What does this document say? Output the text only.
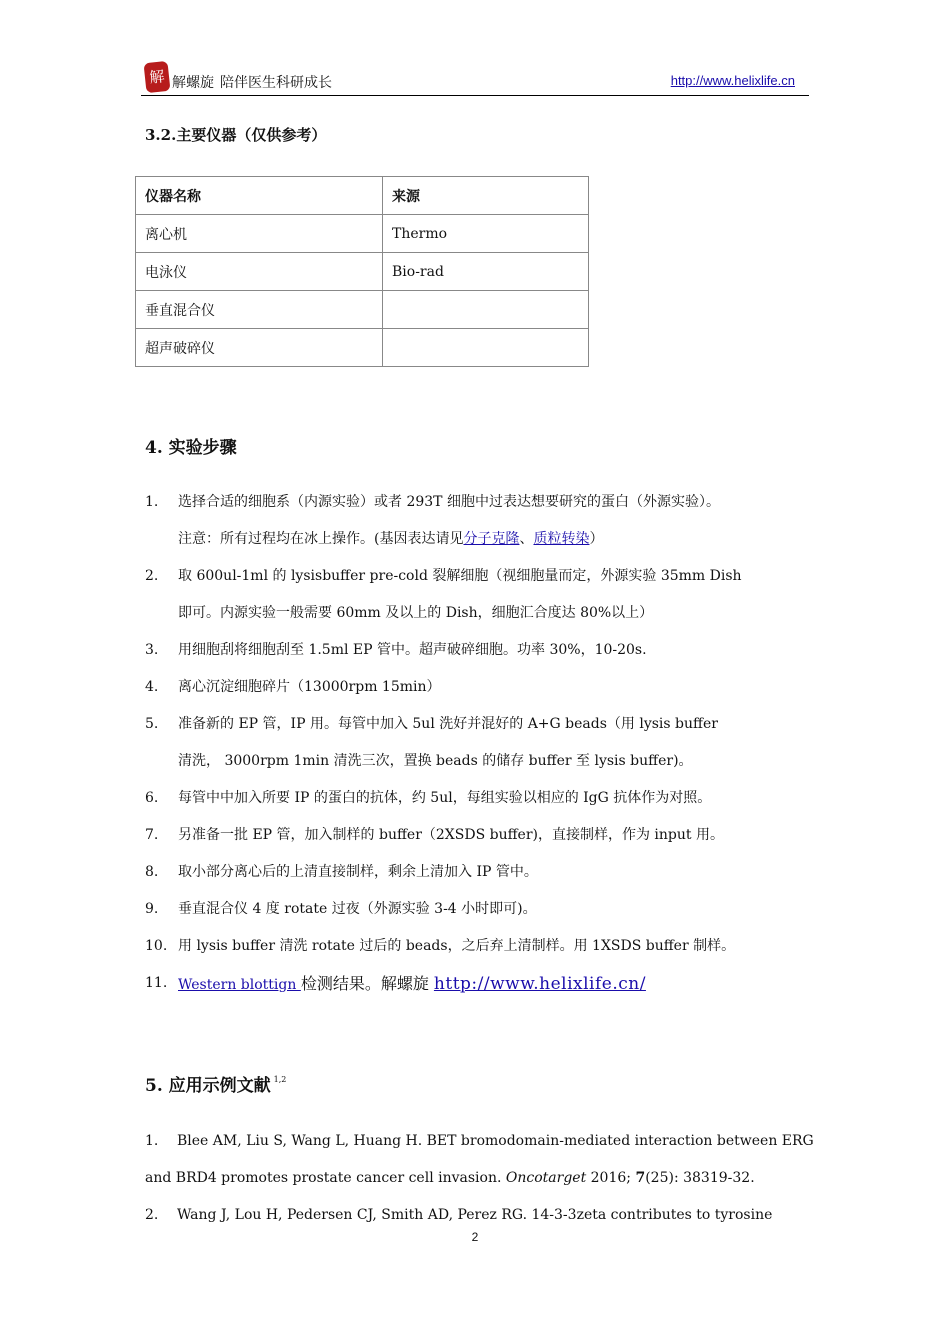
解 解螺旋 陪伴医生科研成长	http://www.helixlife.cn
3.2.主要仪器（仅供参考）
仪器名称	来源
离心机	Thermo
电泳仪	Bio-rad
垂直混合仪	
超声破碎仪	
4. 实验步骤
1. 选择合适的细胞系（内源实验）或者 293T 细胞中过表达想要研究的蛋白（外源实验）。
注意：所有过程均在冰上操作。(基因表达请见分子克隆、质粒转染）
2. 取 600ul-1ml 的 lysisbuffer pre-cold 裂解细胞（视细胞量而定，外源实验 35mm Dish
即可。内源实验一般需要 60mm 及以上的 Dish，细胞汇合度达 80%以上）
3. 用细胞刮将细胞刮至 1.5ml EP 管中。超声破碎细胞。功率 30%，10-20s.
4. 离心沉淀细胞碎片（13000rpm 15min）
5. 准备新的 EP 管，IP 用。每管中加入 5ul 洗好并混好的 A+G beads（用 lysis buffer
清洗， 3000rpm 1min 清洗三次，置换 beads 的储存 buffer 至 lysis buffer)。
6. 每管中中加入所要 IP 的蛋白的抗体，约 5ul，每组实验以相应的 IgG 抗体作为对照。
7. 另准备一批 EP 管，加入制样的 buffer（2XSDS buffer)，直接制样，作为 input 用。
8. 取小部分离心后的上清直接制样，剩余上清加入 IP 管中。
9. 垂直混合仪 4 度 rotate 过夜（外源实验 3-4 小时即可)。
10. 用 lysis buffer 清洗 rotate 过后的 beads，之后弃上清制样。用 1XSDS buffer 制样。
11. Western blottign 检测结果。解螺旋 http://www.helixlife.cn/
5. 应用示例文献 $^{1,2}$
1. Blee AM, Liu S, Wang L, Huang H. BET bromodomain-mediated interaction between ERG
and BRD4 promotes prostate cancer cell invasion. Oncotarget 2016; 7(25): 38319-32.
2. Wang J, Lou H, Pedersen CJ, Smith AD, Perez RG. 14-3-3zeta contributes to tyrosine
2
